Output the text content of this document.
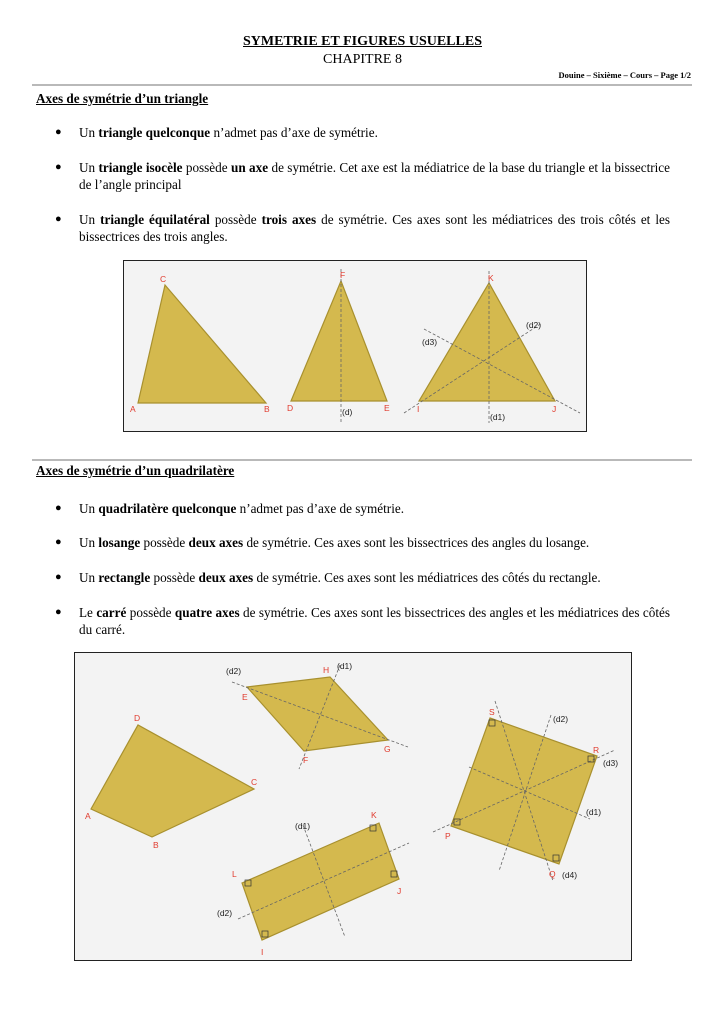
SYMETRIE ET FIGURES USUELLES
CHAPITRE 8
Douine – Sixième – Cours – Page 1/2
Axes de symétrie d’un triangle
●	Un triangle quelconque n’admet pas d’axe de symétrie.
●	Un triangle isocèle possède un axe de symétrie. Cet axe est la médiatrice de la base du triangle et la bissectrice de l’angle principal
●	Un triangle équilatéral possède trois axes de symétrie. Ces axes sont les médiatrices des trois côtés et les bissectrices des trois angles.
C
A	B
F
D	E
(d)
K
I	J
(d1)
(d2)
(d3)
Axes de symétrie d’un quadrilatère
●	Un quadrilatère quelconque n’admet pas d’axe de symétrie.
●	Un losange possède deux axes de symétrie. Ces axes sont les bissectrices des angles du losange.
●	Un rectangle possède deux axes de symétrie. Ces axes sont les médiatrices des côtés du rectangle.
●	Le carré possède quatre axes de symétrie. Ces axes sont les bissectrices des angles et les médiatrices des côtés du carré.
D
A
C
B
H
E
G
F
(d1)
(d2)
L
K
J
I
(d1)
(d2)
S
R
Q
P
(d1)
(d2)
(d3)
(d4)
